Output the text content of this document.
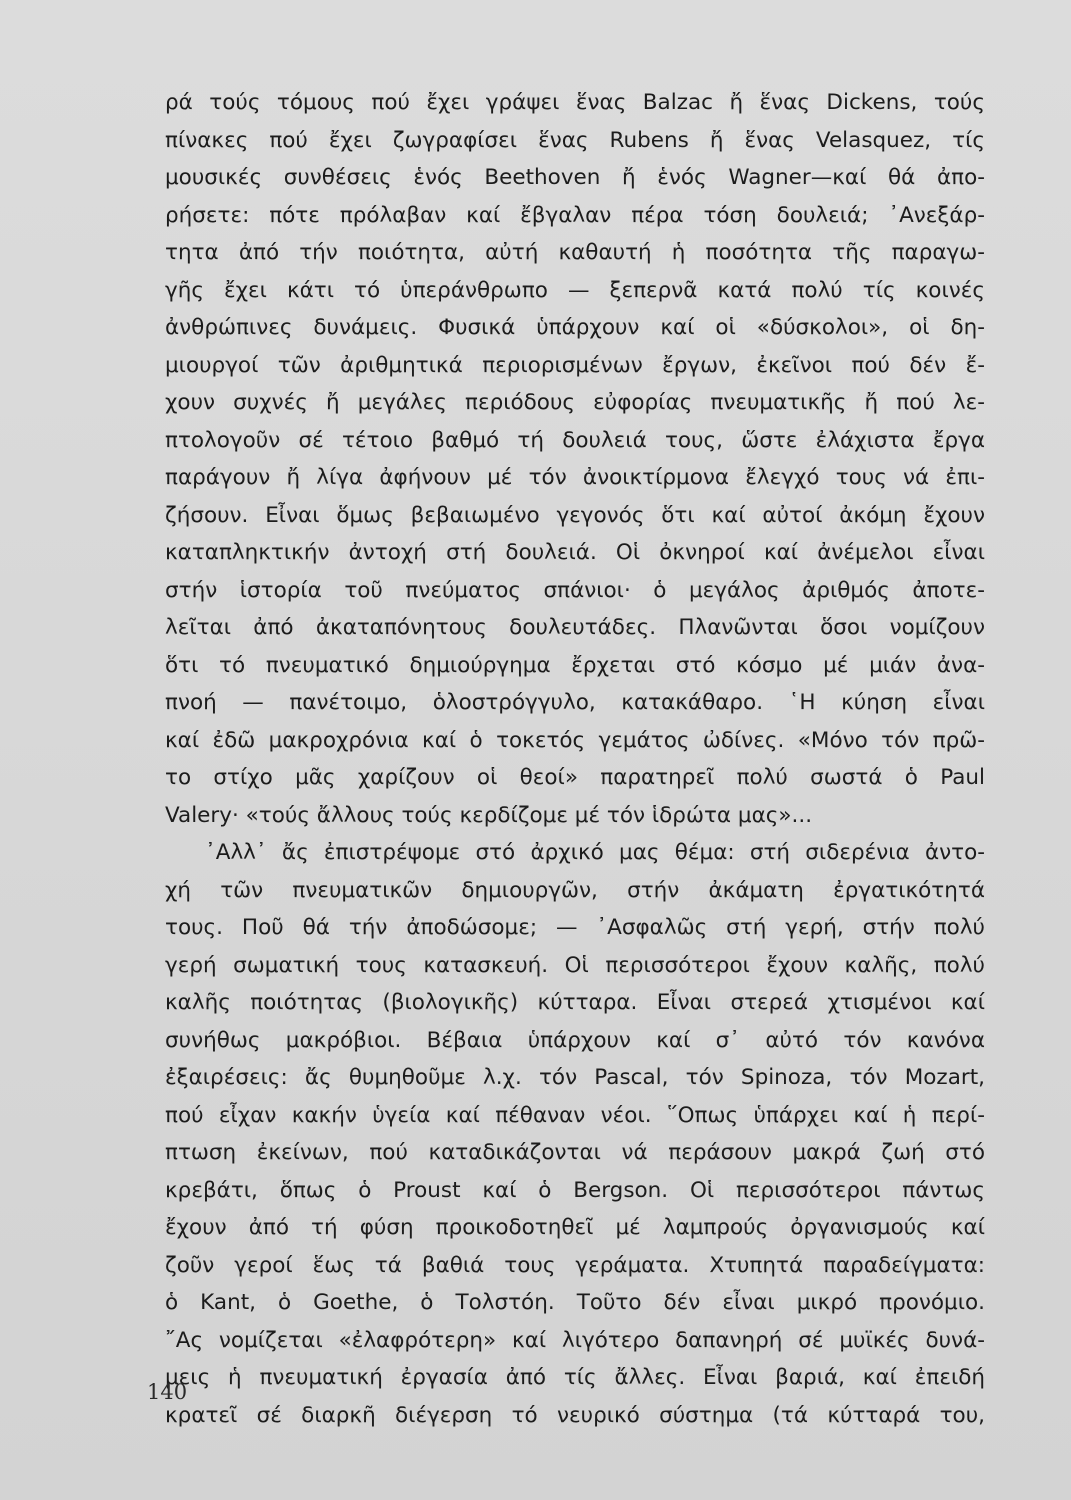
ρά τούς τόμους πού ἔχει γράψει ἕνας Balzac ἤ ἕνας Dickens, τούς
πίνακες πού ἔχει ζωγραφίσει ἕνας Rubens ἤ ἕνας Velasquez, τίς
μουσικές συνθέσεις ἑνός Beethoven ἤ ἑνός Wagner—καί θά ἀπο-
ρήσετε: πότε πρόλαβαν καί ἔβγαλαν πέρα τόση δουλειά; ᾿Ανεξάρ-
τητα ἀπό τήν ποιότητα, αὐτή καθαυτή ἡ ποσότητα τῆς παραγω-
γῆς ἔχει κάτι τό ὑπεράνθρωπο — ξεπερνᾶ κατά πολύ τίς κοινές
ἀνθρώπινες δυνάμεις. Φυσικά ὑπάρχουν καί οἱ «δύσκολοι», οἱ δη-
μιουργοί τῶν ἀριθμητικά περιορισμένων ἔργων, ἐκεῖνοι πού δέν ἔ-
χουν συχνές ἤ μεγάλες περιόδους εὐφορίας πνευματικῆς ἤ πού λε-
πτολογοῦν σέ τέτοιο βαθμό τή δουλειά τους, ὥστε ἐλάχιστα ἔργα
παράγουν ἤ λίγα ἀφήνουν μέ τόν ἀνοικτίρμονα ἔλεγχό τους νά ἐπι-
ζήσουν. Εἶναι ὅμως βεβαιωμένο γεγονός ὅτι καί αὐτοί ἀκόμη ἔχουν
καταπληκτικήν ἀντοχή στή δουλειά. Οἱ ὀκνηροί καί ἀνέμελοι εἶναι
στήν ἱστορία τοῦ πνεύματος σπάνιοι· ὁ μεγάλος ἀριθμός ἀποτε-
λεῖται ἀπό ἀκαταπόνητους δουλευτάδες. Πλανῶνται ὅσοι νομίζουν
ὅτι τό πνευματικό δημιούργημα ἔρχεται στό κόσμο μέ μιάν ἀνα-
πνοή — πανέτοιμο, ὁλοστρόγγυλο, κατακάθαρο. ῾Η κύηση εἶναι
καί ἐδῶ μακροχρόνια καί ὁ τοκετός γεμάτος ὠδίνες. «Μόνο τόν πρῶ-
το στίχο μᾶς χαρίζουν οἱ θεοί» παρατηρεῖ πολύ σωστά ὁ Paul
Valery· «τούς ἄλλους τούς κερδίζομε μέ τόν ἱδρώτα μας»...
᾿Αλλ᾿ ἄς ἐπιστρέψομε στό ἀρχικό μας θέμα: στή σιδερένια ἀντο-
χή τῶν πνευματικῶν δημιουργῶν, στήν ἀκάματη ἐργατικότητά
τους. Ποῦ θά τήν ἀποδώσομε; — ᾿Ασφαλῶς στή γερή, στήν πολύ
γερή σωματική τους κατασκευή. Οἱ περισσότεροι ἔχουν καλῆς, πολύ
καλῆς ποιότητας (βιολογικῆς) κύτταρα. Εἶναι στερεά χτισμένοι καί
συνήθως μακρόβιοι. Βέβαια ὑπάρχουν καί σ᾿ αὐτό τόν κανόνα
ἐξαιρέσεις: ἄς θυμηθοῦμε λ.χ. τόν Pascal, τόν Spinoza, τόν Mozart,
πού εἶχαν κακήν ὑγεία καί πέθαναν νέοι. ῞Οπως ὑπάρχει καί ἡ περί-
πτωση ἐκείνων, πού καταδικάζονται νά περάσουν μακρά ζωή στό
κρεβάτι, ὅπως ὁ Proust καί ὁ Bergson. Οἱ περισσότεροι πάντως
ἔχουν ἀπό τή φύση προικοδοτηθεῖ μέ λαμπρούς ὀργανισμούς καί
ζοῦν γεροί ἕως τά βαθιά τους γεράματα. Χτυπητά παραδείγματα:
ὁ Kant, ὁ Goethe, ὁ Τολστόη. Τοῦτο δέν εἶναι μικρό προνόμιο.
῎Ας νομίζεται «ἐλαφρότερη» καί λιγότερο δαπανηρή σέ μυϊκές δυνά-
μεις ἡ πνευματική ἐργασία ἀπό τίς ἄλλες. Εἶναι βαριά, καί ἐπειδή
κρατεῖ σέ διαρκῆ διέγερση τό νευρικό σύστημα (τά κύτταρά του,
140
